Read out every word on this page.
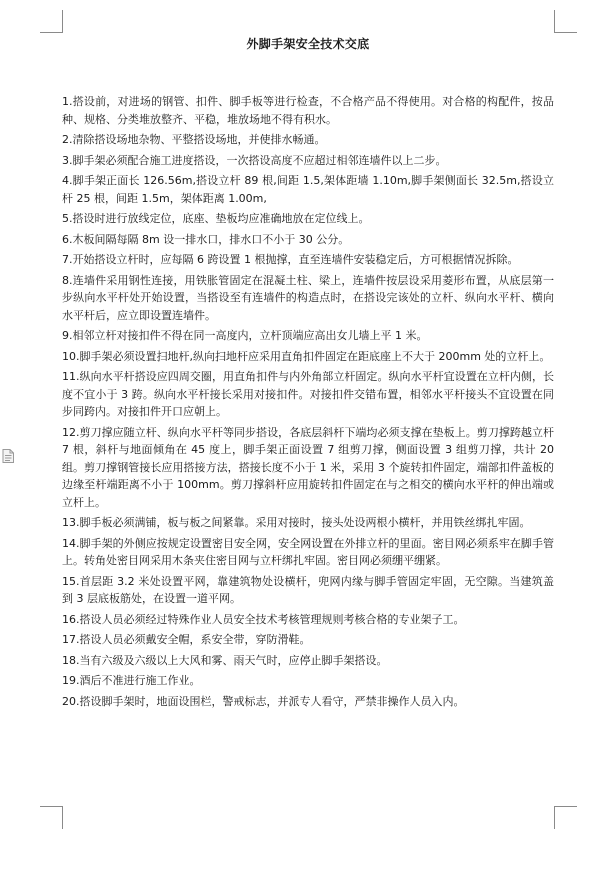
外脚手架安全技术交底

1.搭设前，对进场的钢管、扣件、脚手板等进行检查，不合格产品不得使用。对合格的构配件，按品种、规格、分类堆放整齐、平稳，堆放场地不得有积水。

2.清除搭设场地杂物、平整搭设场地，并使排水畅通。

3.脚手架必须配合施工进度搭设，一次搭设高度不应超过相邻连墙件以上二步。

4.脚手架正面长 126.56m,搭设立杆 89 根,间距 1.5,架体距墙 1.10m,脚手架侧面长 32.5m,搭设立杆 25 根，间距 1.5m，架体距离 1.00m,

5.搭设时进行放线定位，底座、垫板均应准确地放在定位线上。

6.木板间隔每隔 8m 设一排水口，排水口不小于 30 公分。

7.开始搭设立杆时，应每隔 6 跨设置 1 根抛撑，直至连墙件安装稳定后，方可根据情况拆除。

8.连墙件采用钢性连接，用铁胀管固定在混凝土柱、梁上，连墙件按层设采用菱形布置，从底层第一步纵向水平杆处开始设置，当搭设至有连墙件的构造点时，在搭设完该处的立杆、纵向水平杆、横向水平杆后，应立即设置连墙件。

9.相邻立杆对接扣件不得在同一高度内，立杆顶端应高出女儿墙上平 1 米。

10.脚手架必须设置扫地杆,纵向扫地杆应采用直角扣件固定在距底座上不大于 200mm 处的立杆上。

11.纵向水平杆搭设应四周交圈，用直角扣件与内外角部立杆固定。纵向水平杆宜设置在立杆内侧，长度不宜小于 3 跨。纵向水平杆接长采用对接扣件。对接扣件交错布置，相邻水平杆接头不宜设置在同步同跨内。对接扣件开口应朝上。

12.剪刀撑应随立杆、纵向水平杆等同步搭设，各底层斜杆下端均必须支撑在垫板上。剪刀撑跨越立杆 7 根，斜杆与地面倾角在 45 度上，脚手架正面设置 7 组剪刀撑，侧面设置 3 组剪刀撑，共计 20 组。剪刀撑钢管接长应用搭接方法，搭接长度不小于 1 米，采用 3 个旋转扣件固定，端部扣件盖板的边缘至杆端距离不小于 100mm。剪刀撑斜杆应用旋转扣件固定在与之相交的横向水平杆的伸出端或立杆上。

13.脚手板必须满铺，板与板之间紧靠。采用对接时，接头处设两根小横杆，并用铁丝绑扎牢固。

14.脚手架的外侧应按规定设置密目安全网，安全网设置在外排立杆的里面。密目网必须系牢在脚手管上。转角处密目网采用木条夹住密目网与立杆绑扎牢固。密目网必须绷平绷紧。

15.首层距 3.2 米处设置平网，靠建筑物处设横杆，兜网内缘与脚手管固定牢固，无空隙。当建筑盖到 3 层底板筋处，在设置一道平网。

16.搭设人员必须经过特殊作业人员安全技术考核管理规则考核合格的专业架子工。

17.搭设人员必须戴安全帽，系安全带，穿防滑鞋。

18.当有六级及六级以上大风和雾、雨天气时，应停止脚手架搭设。

19.酒后不准进行施工作业。

20.搭设脚手架时，地面设围栏，警戒标志，并派专人看守，严禁非操作人员入内。
